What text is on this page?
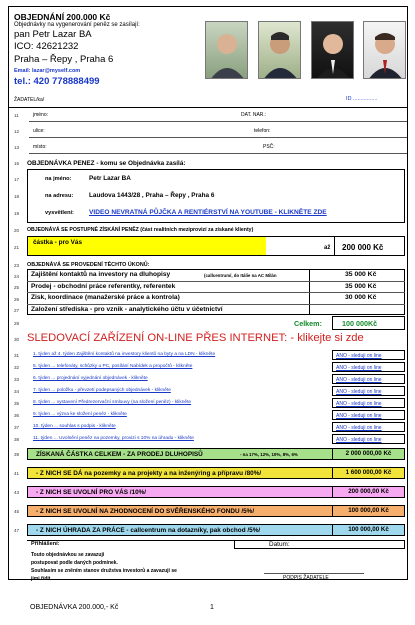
OBJEDNÁNÍ 200.000 Kč
Objednávky na vygenerování peněz se zasílají:
pan Petr Lazar BA
ICO: 42621232
Praha – Řepy , Praha 6
Email: lazar@myself.com
tel.: 420 778888499
ŽADATEL/ka/	ID ................
11	jméno:	DAT. NAR.:
12	ulice:	telefon:
13	místo:	PSČ:
15	OBJEDNÁVKA PENEZ - komu se Objednávka zasílá:
17	na jméno:	Petr Lazar BA
18	na adresu: Laudova 1443/28 , Praha – Řepy , Praha 6
19	vysvětlení: VIDEO NEVRATNÁ PŮJČKA A RENTIÉRSTVÍ NA YOUTUBE - KLIKNĚTE ZDE
20	OBJEDNÁVÁ SE POSTUPNÉ ZÍSKÁNÍ PENĚZ (část realitních meziprovizí za získané klienty)
21
částka - pro Vás
až 200 000 Kč
23	OBJEDNÁVÁ SE PROVEDENÍ TĚCHTO ÚKONŮ:
24	Zajištění kontaktů na investory na dluhopisy	(callcentrum/, do Itálie na AC Milán	35 000 Kč
25	Prodej - obchodní práce referentky, referentek	35 000 Kč
26	Zisk, koordinace (manažerské práce a kontrola)	30 000 Kč
27	Založení střediska - pro vznik - analytického účtu v účetnictví
28	Celkem:	100 000Kč
30 SLEDOVACÍ ZAŘÍZENÍ ON-LINE PŘES INTERNET: - klikejte si zde
31	1. týden až 4. týden Zajištění kontaktů na investory klientů na byty a na LDN - klikněte	ANO - sleduji on line
32	5. týden ... telefonáty, schůzky u PC, posílání Nabídek a propočtů - klikněte	ANO - sleduji on line
33	6. týden ... projednání vyjednání objednávek - klikněte	ANO - sleduji on line
34	7. týden ... položku - převzetí podepsaných objednávek - klikněte	ANO - sleduji on line
35	8. týden ... vystavení Předrezervační smlouvy (na složení peněz) - klikněte	ANO - sleduji on line
36	9. týden ... výzva ke složení peněz - klikněte	ANO - sleduji on line
37	10. týden ... souhlas s podpis - klikněte	ANO - sleduji on line
38	11. týden ... Uvolnění peněz na pozemky, provizi s 10% na úhradu - klikněte	ANO - sleduji on line
39	ZÍSKANÁ ČÁSTKA CELKEM - ZA PRODEJ DLUHOPISŮ	- na 17%, 12%, 10%, 8%, 6%	2 000 000,00 Kč
41	- Z NICH SE DÁ na pozemky a na projekty a na inženýring a přípravu /80%/	1 600 000,00 Kč
43	- Z NICH SE UVOLNÍ PRO VÁS /10%/	200 000,00 Kč
45	- Z NICH SE UVOLNÍ NA ZHODNOCENÍ DO SVĚŘENSKÉHO FONDU /5%/	100 000,00 Kč
47	- Z NICH ÚHRADA ZA PRÁCE - callcentrum na dotazníky, pak obchod /5%/	100 000,00 Kč
Přihlášení:	Datum:
Touto objednávkou se zavazuji
postupovat podle daných podmínek.
Souhlasím se zněním stanov družstva investorů a zavazuji se
jimi řídit.	PODPIS ŽADATELE
OBJEDNÁVKA 200.000,- Kč	1
